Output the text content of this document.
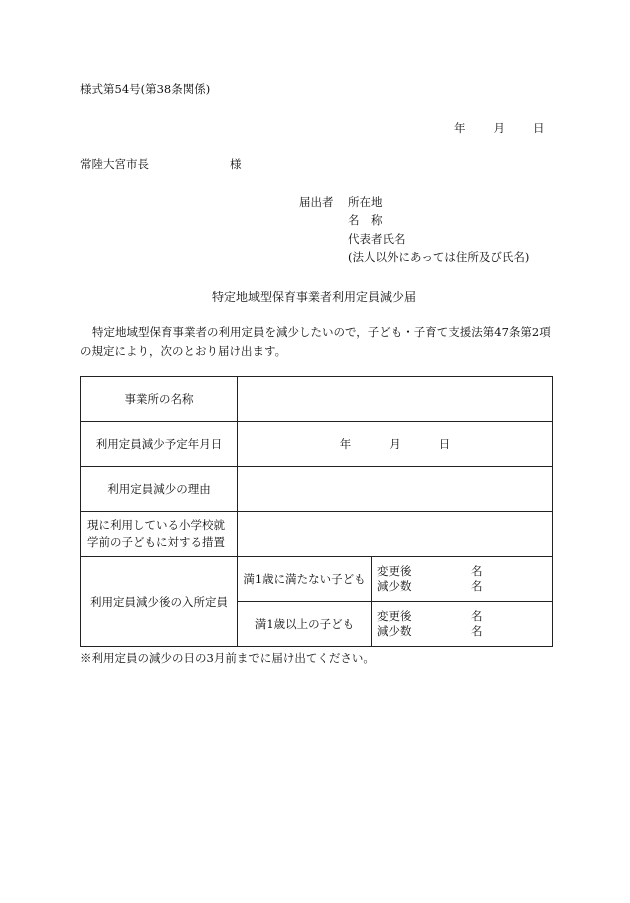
様式第54号(第38条関係)
年 月 日
常陸大宮市長	様
届出者 所在地
名　称
代表者氏名
(法人以外にあっては住所及び氏名)
特定地域型保育事業者利用定員減少届
特定地域型保育事業者の利用定員を減少したいので，子ども・子育て支援法第47条第2項の規定により，次のとおり届け出ます。
事業所の名称		
利用定員減少予定年月日	年 月 日	
利用定員減少の理由		

現に利用している小学校就
学前の子どもに対する措置		

利用定員減少後の入所定員	満1歳に満たない子ども	変更後 名
減少数 名

	満1歳以上の子ども	変更後 名
減少数 名
※利用定員の減少の日の3月前までに届け出てください。
